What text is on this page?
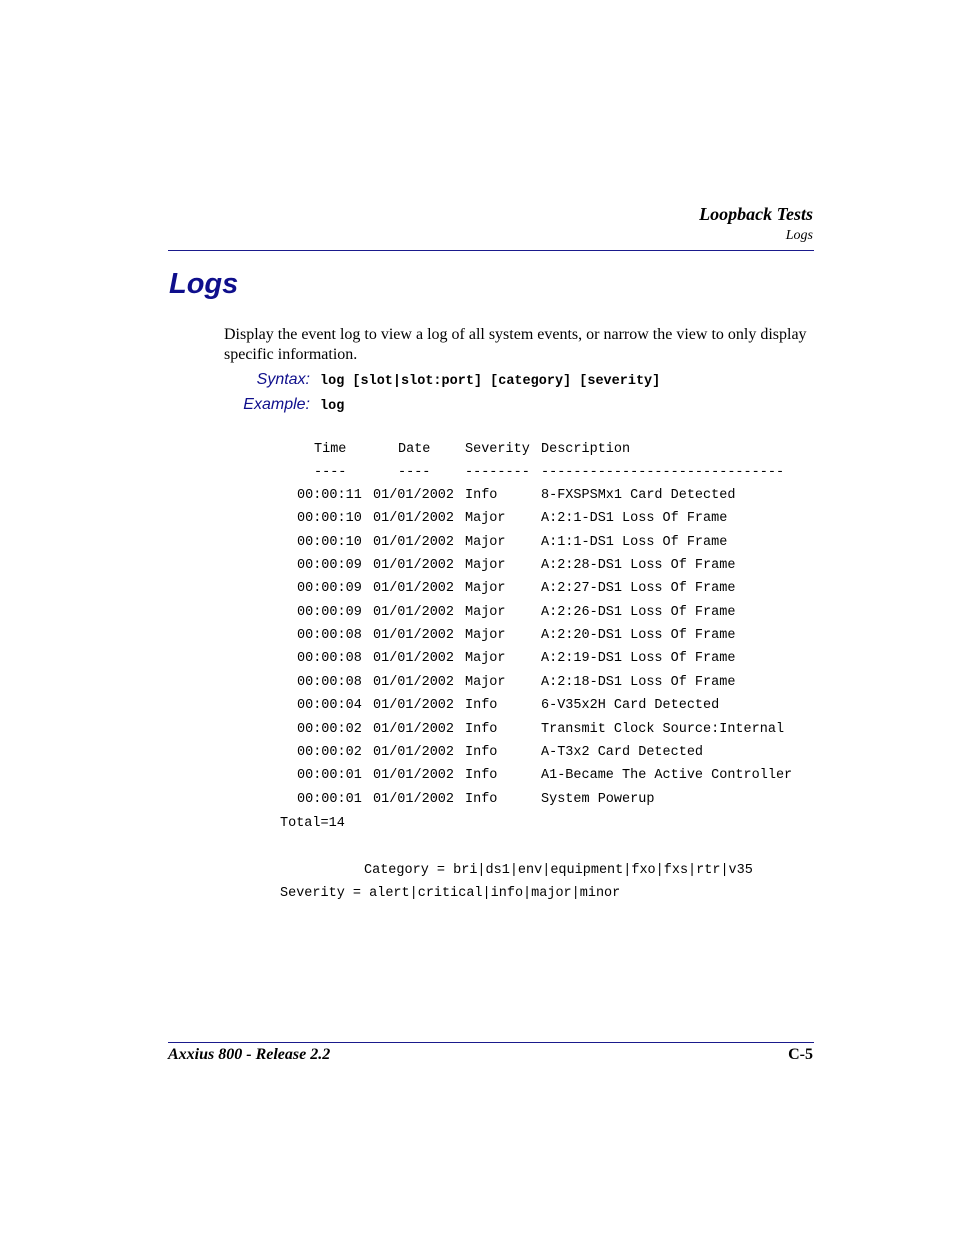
Loopback Tests
Logs
Logs
Display the event log to view a log of all system events, or narrow the view to only display specific information.
Syntax: log [slot|slot:port] [category] [severity]
Example: log
Time	Date	Severity Description
----	----	-------- ------------------------------
00:00:11 01/01/2002 Info	8-FXSPSMx1 Card Detected
00:00:10 01/01/2002 Major	A:2:1-DS1 Loss Of Frame
00:00:10 01/01/2002 Major	A:1:1-DS1 Loss Of Frame
00:00:09 01/01/2002 Major	A:2:28-DS1 Loss Of Frame
00:00:09 01/01/2002 Major	A:2:27-DS1 Loss Of Frame
00:00:09 01/01/2002 Major	A:2:26-DS1 Loss Of Frame
00:00:08 01/01/2002 Major	A:2:20-DS1 Loss Of Frame
00:00:08 01/01/2002 Major	A:2:19-DS1 Loss Of Frame
00:00:08 01/01/2002 Major	A:2:18-DS1 Loss Of Frame
00:00:04 01/01/2002 Info	6-V35x2H Card Detected
00:00:02 01/01/2002 Info	Transmit Clock Source:Internal
00:00:02 01/01/2002 Info	A-T3x2 Card Detected
00:00:01 01/01/2002 Info	A1-Became The Active Controller
00:00:01 01/01/2002 Info	System Powerup
Total=14
Category = bri|ds1|env|equipment|fxo|fxs|rtr|v35
Severity = alert|critical|info|major|minor
Axxius 800 - Release 2.2	C-5
